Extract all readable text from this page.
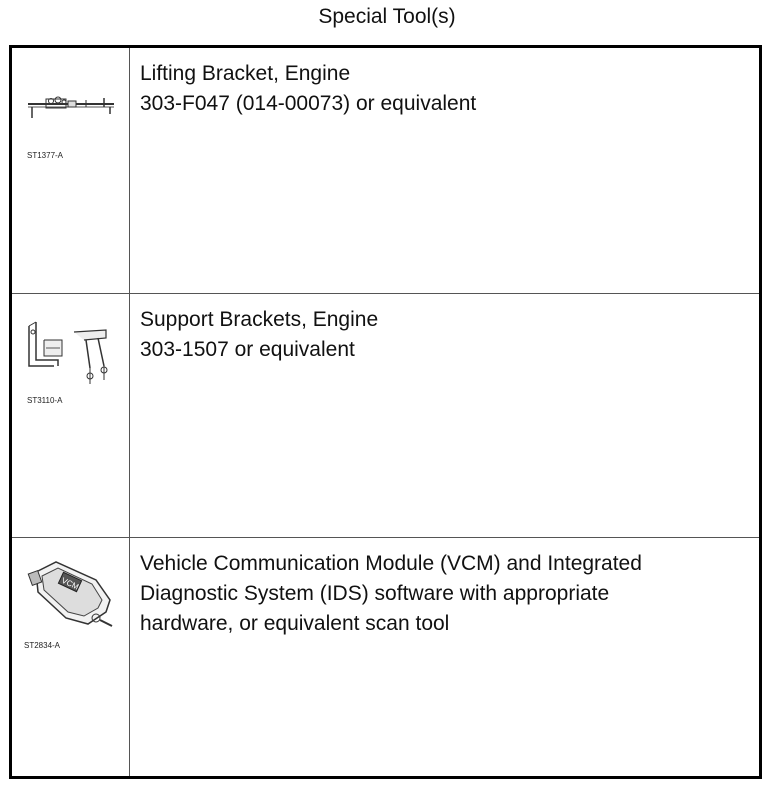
Special Tool(s)
ST1377-A
Lifting Bracket, Engine
303-F047 (014-00073) or equivalent
ST3110-A
Support Brackets, Engine
303-1507 or equivalent
VCM
ST2834-A
Vehicle Communication Module (VCM) and Integrated
Diagnostic System (IDS) software with appropriate
hardware, or equivalent scan tool
